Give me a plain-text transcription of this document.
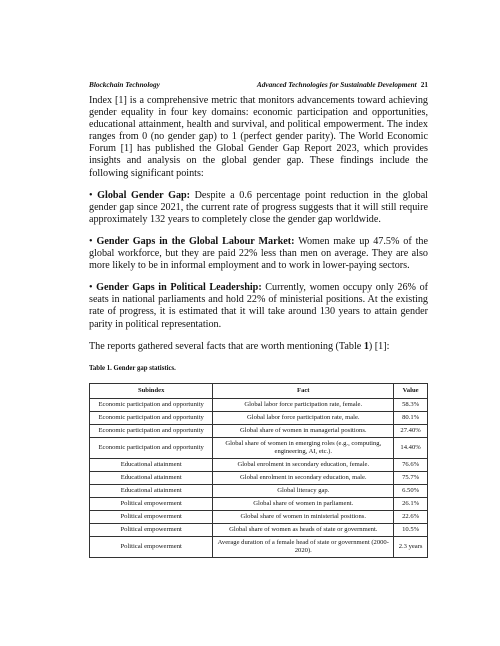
Blockchain Technology	Advanced Technologies for Sustainable Development 21

Index [1] is a comprehensive metric that monitors advancements toward achieving gender equality in four key domains: economic participation and opportunities, educational attainment, health and survival, and political empowerment. The index ranges from 0 (no gender gap) to 1 (perfect gender parity). The World Economic Forum [1] has published the Global Gender Gap Report 2023, which provides insights and analysis on the global gender gap. These findings include the following significant points:

• Global Gender Gap: Despite a 0.6 percentage point reduction in the global gender gap since 2021, the current rate of progress suggests that it will still require approximately 132 years to completely close the gender gap worldwide.

• Gender Gaps in the Global Labour Market: Women make up 47.5% of the global workforce, but they are paid 22% less than men on average. They are also more likely to be in informal employment and to work in lower-paying sectors.

• Gender Gaps in Political Leadership: Currently, women occupy only 26% of seats in national parliaments and hold 22% of ministerial positions. At the existing rate of progress, it is estimated that it will take around 130 years to attain gender parity in political representation.

The reports gathered several facts that are worth mentioning (Table 1) [1]:

Table 1. Gender gap statistics.
Subindex	Fact	Value
Economic participation and opportunity	Global labor force participation rate, female.	58.3%
Economic participation and opportunity	Global labor force participation rate, male.	80.1%
Economic participation and opportunity	Global share of women in managerial positions.	27.40%
Economic participation and opportunity	Global share of women in emerging roles (e.g., computing, engineering, AI, etc.).	14.40%
Educational attainment	Global enrolment in secondary education, female.	76.6%
Educational attainment	Global enrolment in secondary education, male.	75.7%
Educational attainment	Global literacy gap.	6.50%
Political empowerment	Global share of women in parliament.	26.1%
Political empowerment	Global share of women in ministerial positions.	22.6%
Political empowerment	Global share of women as heads of state or government.	10.5%
Political empowerment	Average duration of a female head of state or government (2000-2020).	2.3 years
